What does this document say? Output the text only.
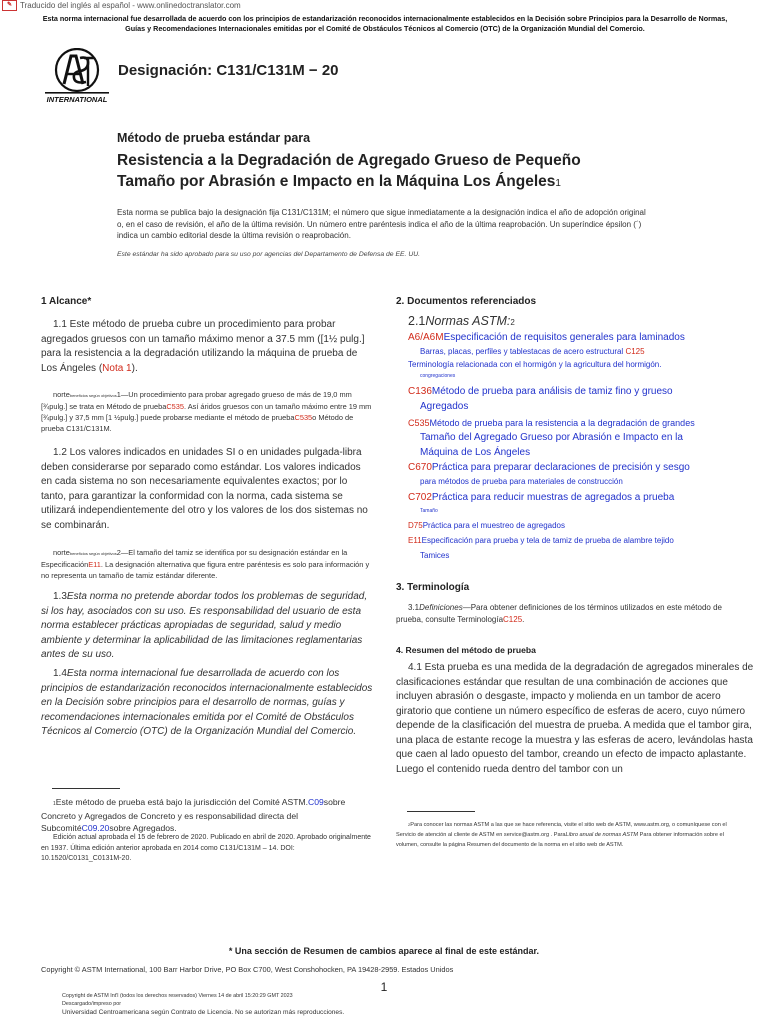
✎ Traducido del inglés al español - www.onlinedoctranslator.com
Esta norma internacional fue desarrollada de acuerdo con los principios de estandarización reconocidos internacionalmente establecidos en la Decisión sobre Principios para la Desarrollo de Normas, Guías y Recomendaciones Internacionales emitidas por el Comité de Obstáculos Técnicos al Comercio (OTC) de la Organización Mundial del Comercio.
INTERNATIONAL
Designación: C131/C131M − 20
Método de prueba estándar para
Resistencia a la Degradación de Agregado Grueso de Pequeño
Tamaño por Abrasión e Impacto en la Máquina Los Ángeles1
Esta norma se publica bajo la designación fija C131/C131M; el número que sigue inmediatamente a la designación indica el año de adopción original o, en el caso de revisión, el año de la última revisión. Un número entre paréntesis indica el año de la última reaprobación. Un superíndice épsilon (´) indica un cambio editorial desde la última revisión o reaprobación.
Este estándar ha sido aprobado para su uso por agencias del Departamento de Defensa de EE. UU.
1 Alcance*
1.1 Este método de prueba cubre un procedimiento para probar agregados gruesos con un tamaño máximo menor a 37.5 mm ([1½ pulg.] para la resistencia a la degradación utilizando la máquina de prueba de Los Ángeles (Nota 1).
nortebeneficios según objetivos1—Un procedimiento para probar agregado grueso de más de 19,0 mm [¾pulg.] se trata en Método de pruebaC535. Así áridos gruesos con un tamaño máximo entre 19 mm [¾pulg.] y 37,5 mm [1 ½pulg.] puede probarse mediante el método de pruebaC535o Método de prueba C131/C131M.
1.2 Los valores indicados en unidades SI o en unidades pulgada-libra deben considerarse por separado como estándar. Los valores indicados en cada sistema no son necesariamente equivalentes exactos; por lo tanto, para garantizar la conformidad con la norma, cada sistema se utilizará independientemente del otro y los valores de los dos sistemas no se combinarán.
nortebeneficios según objetivos2—El tamaño del tamiz se identifica por su designación estándar en la EspecificaciónE11. La designación alternativa que figura entre paréntesis es solo para información y no representa un tamaño de tamiz estándar diferente.
1.3Esta norma no pretende abordar todos los problemas de seguridad, si los hay, asociados con su uso. Es responsabilidad del usuario de esta norma establecer prácticas apropiadas de seguridad, salud y medio ambiente y determinar la aplicabilidad de las limitaciones reglamentarias antes de su uso.
1.4Esta norma internacional fue desarrollada de acuerdo con los principios de estandarización reconocidos internacionalmente establecidos en la Decisión sobre principios para el desarrollo de normas, guías y recomendaciones internacionales emitida por el Comité de Obstáculos Técnicos al Comercio (OTC) de la Organización Mundial del Comercio.
1Este método de prueba está bajo la jurisdicción del Comité ASTM.C09sobre Concreto y Agregados de Concreto y es responsabilidad directa del SubcomitéC09.20sobre Agregados.
Edición actual aprobada el 15 de febrero de 2020. Publicado en abril de 2020. Aprobado originalmente en 1937. Última edición anterior aprobada en 2014 como C131/C131M – 14. DOI: 10.1520/C0131_C0131M-20.
2. Documentos referenciados
2.1Normas ASTM:2
A6/A6MEspecificación de requisitos generales para laminados
Barras, placas, perfiles y tablestacas de acero estructural C125
Terminología relacionada con el hormigón y la agricultura del hormigón.
congregaciones
C136Método de prueba para análisis de tamiz fino y grueso
Agregados
C535Método de prueba para la resistencia a la degradación de grandes
Tamaño del Agregado Grueso por Abrasión e Impacto en la
Máquina de Los Ángeles
C670Práctica para preparar declaraciones de precisión y sesgo
para métodos de prueba para materiales de construcción
C702Práctica para reducir muestras de agregados a prueba
Tamaño
D75Práctica para el muestreo de agregados
E11Especificación para prueba y tela de tamiz de prueba de alambre tejido
Tamices
3. Terminología
3.1Definiciones—Para obtener definiciones de los términos utilizados en este método de prueba, consulte TerminologíaC125.
4. Resumen del método de prueba
4.1 Esta prueba es una medida de la degradación de agregados minerales de clasificaciones estándar que resultan de una combinación de acciones que incluyen abrasión o desgaste, impacto y molienda en un tambor de acero giratorio que contiene un número específico de esferas de acero, cuyo número depende de la clasificación del muestra de prueba. A medida que el tambor gira, una placa de estante recoge la muestra y las esferas de acero, levándolas hasta que caen al lado opuesto del tambor, creando un efecto de impacto aplastante. Luego el contenido rueda dentro del tambor con un
2Para conocer las normas ASTM a las que se hace referencia, visite el sitio web de ASTM, www.astm.org, o comuníquese con el Servicio de atención al cliente de ASTM en service@astm.org . ParaLibro anual de normas ASTM Para obtener información sobre el volumen, consulte la página Resumen del documento de la norma en el sitio web de ASTM.
* Una sección de Resumen de cambios aparece al final de este estándar.
Copyright © ASTM International, 100 Barr Harbor Drive, PO Box C700, West Conshohocken, PA 19428-2959. Estados Unidos
1
Copyright de ASTM Int'l (todos los derechos reservados) Viernes 14 de abril 15:20:29 GMT 2023
Descargado/impreso por
Universidad Centroamericana según Contrato de Licencia. No se autorizan más reproducciones.
